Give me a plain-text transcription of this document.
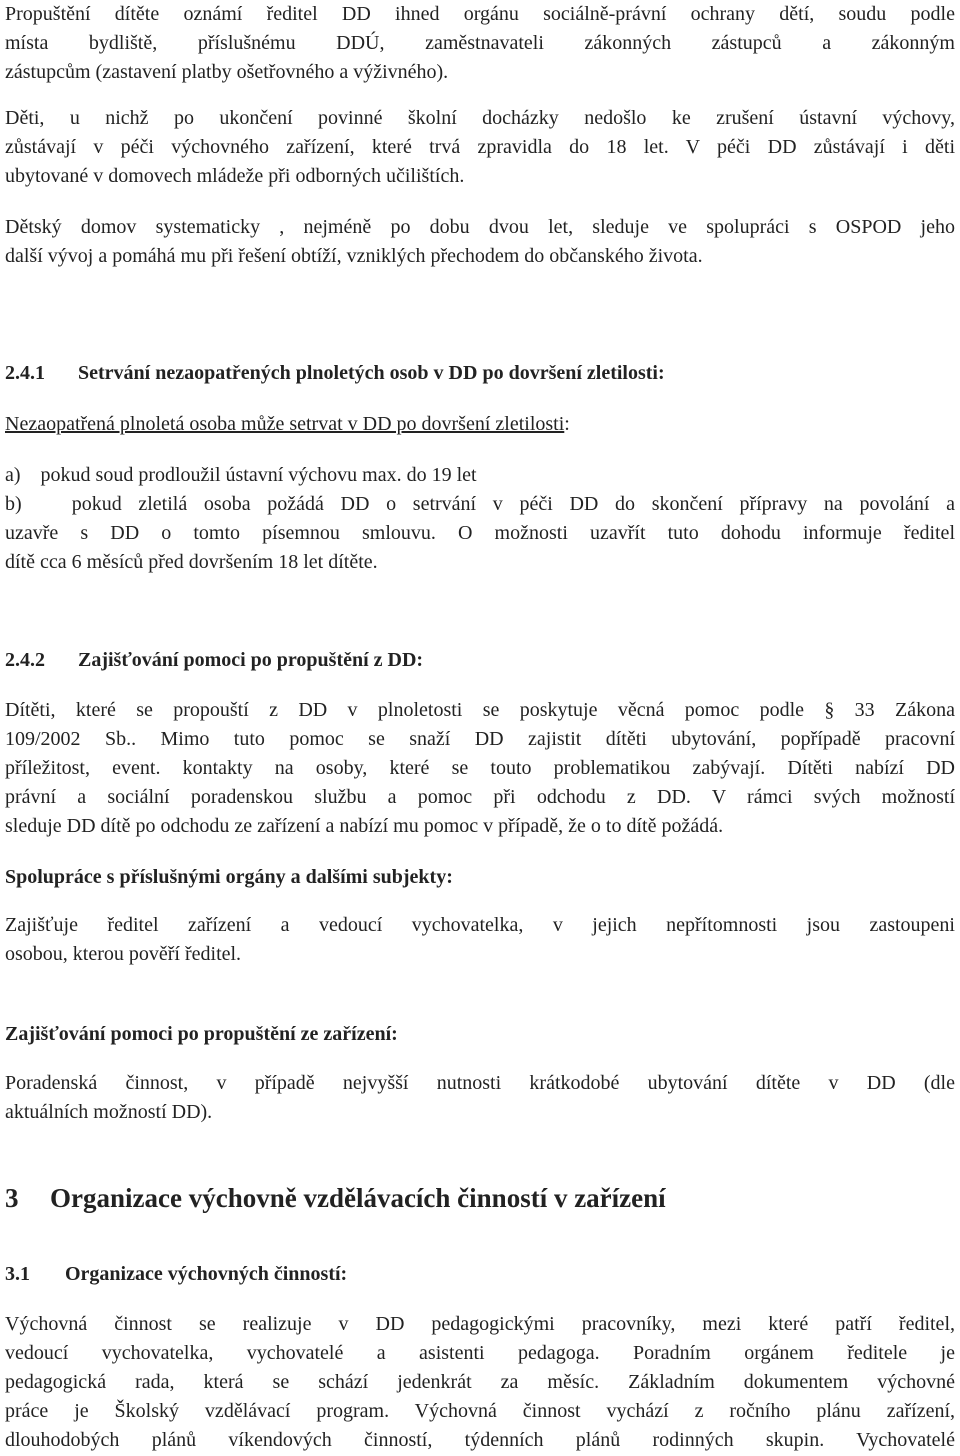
Propuštění dítěte oznámí ředitel DD ihned orgánu sociálně-právní ochrany dětí, soudu podle
místa bydliště, příslušnému DDÚ, zaměstnavateli zákonných zástupců a zákonným
zástupcům (zastavení platby ošetřovného a výživného).
Děti, u nichž po ukončení povinné školní docházky nedošlo ke zrušení ústavní výchovy,
zůstávají v péči výchovného zařízení, které trvá zpravidla do 18 let. V péči DD zůstávají i děti
ubytované v domovech mládeže při odborných učilištích.
Dětský domov systematicky , nejméně po dobu dvou let, sleduje ve spolupráci s OSPOD jeho
další vývoj a pomáhá mu při řešení obtíží, vzniklých přechodem do občanského života.
2.4.1 Setrvání nezaopatřených plnoletých osob v DD po dovršení zletilosti:
Nezaopatřená plnoletá osoba může setrvat v DD po dovršení zletilosti:
a)    pokud soud prodloužil ústavní výchovu max. do 19 let
b)   pokud zletilá osoba požádá DD o setrvání v péči DD do skončení přípravy na povolání a
uzavře s DD o tomto písemnou smlouvu. O možnosti uzavřít tuto dohodu informuje ředitel
dítě cca 6 měsíců před dovršením 18 let dítěte.
2.4.2 Zajišťování pomoci po propuštění z DD:
Dítěti, které se propouští z DD v plnoletosti se poskytuje věcná pomoc podle § 33 Zákona
109/2002 Sb.. Mimo tuto pomoc se snaží DD zajistit dítěti ubytování, popřípadě pracovní
příležitost, event. kontakty na osoby, které se touto problematikou zabývají. Dítěti nabízí DD
právní a sociální poradenskou službu a pomoc při odchodu z DD. V rámci svých možností
sleduje DD dítě po odchodu ze zařízení a nabízí mu pomoc v případě, že o to dítě požádá.
Spolupráce s příslušnými orgány a dalšími subjekty:
Zajišťuje ředitel zařízení a vedoucí vychovatelka, v jejich nepřítomnosti jsou zastoupeni
osobou, kterou pověří ředitel.
Zajišťování pomoci po propuštění ze zařízení:
Poradenská činnost, v případě nejvyšší nutnosti krátkodobé ubytování dítěte v DD (dle
aktuálních možností DD).
3 Organizace výchovně vzdělávacích činností v zařízení
3.1 Organizace výchovných činností:
Výchovná činnost se realizuje v DD pedagogickými pracovníky, mezi které patří ředitel,
vedoucí vychovatelka, vychovatelé a asistenti pedagoga. Poradním orgánem ředitele je
pedagogická rada, která se schází jedenkrát za měsíc. Základním dokumentem výchovné
práce je Školský vzdělávací program. Výchovná činnost vychází z ročního plánu zařízení,
dlouhodobých plánů víkendových činností, týdenních plánů rodinných skupin. Vychovatelé
